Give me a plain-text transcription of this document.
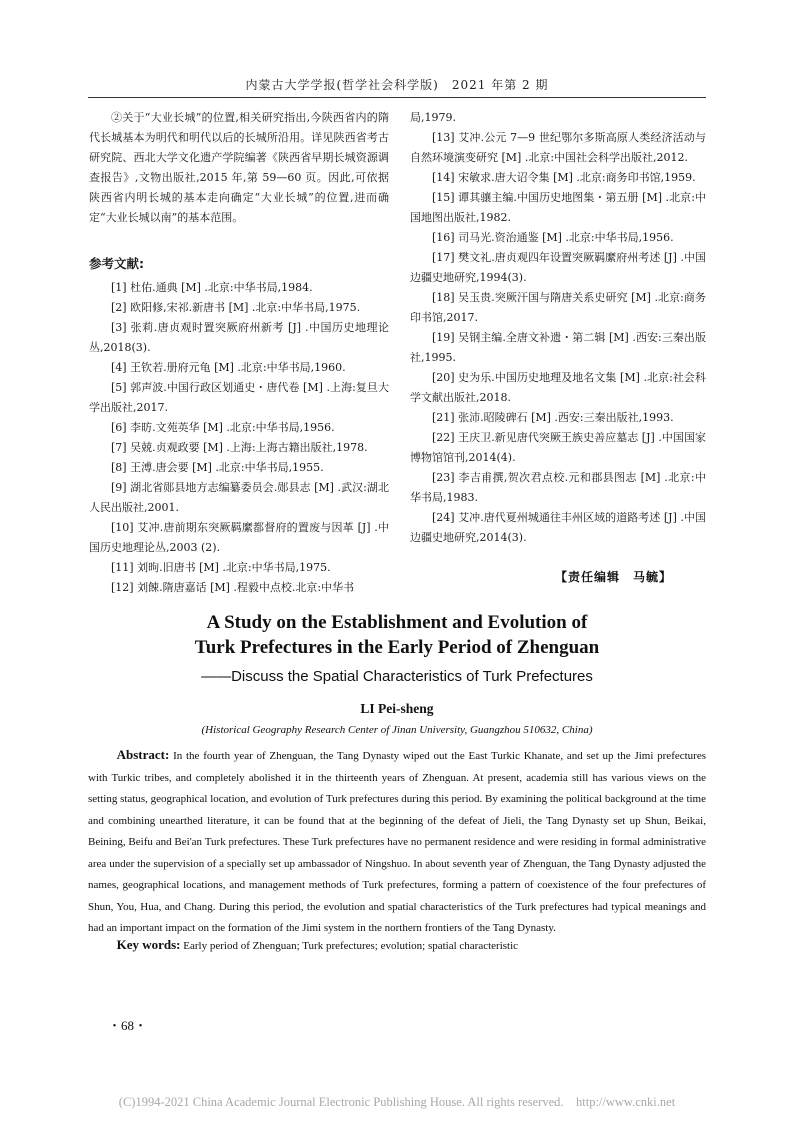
内蒙古大学学报(哲学社会科学版)　2021 年第 2 期

②关于“大业长城”的位置,相关研究指出,今陕西省内的隋代长城基本为明代和明代以后的长城所沿用。详见陕西省考古研究院、西北大学文化遗产学院编著《陕西省早期长城资源调查报告》,文物出版社,2015 年,第 59—60 页。因此,可依据陕西省内明长城的基本走向确定“大业长城”的位置,进而确定“大业长城以南”的基本范围。

参考文献:

[1] 杜佑.通典 [M] .北京:中华书局,1984.

[2] 欧阳修,宋祁.新唐书 [M] .北京:中华书局,1975.

[3] 张莉.唐贞观时置突厥府州新考 [J] .中国历史地理论丛,2018(3).

[4] 王钦若.册府元龟 [M] .北京:中华书局,1960.

[5] 郭声波.中国行政区划通史・唐代卷 [M] .上海:复旦大学出版社,2017.

[6] 李昉.文苑英华 [M] .北京:中华书局,1956.

[7] 吴兢.贞观政要 [M] .上海:上海古籍出版社,1978.

[8] 王溥.唐会要 [M] .北京:中华书局,1955.

[9] 湖北省郧县地方志编纂委员会.郧县志 [M] .武汉:湖北人民出版社,2001.

[10] 艾冲.唐前期东突厥羁縻都督府的置废与因革 [J] .中国历史地理论丛,2003 (2).

[11] 刘昫.旧唐书 [M] .北京:中华书局,1975.

[12] 刘餗.隋唐嘉话 [M] .程毅中点校.北京:中华书

局,1979.

[13] 艾冲.公元 7—9 世纪鄂尔多斯高原人类经济活动与自然环境演变研究 [M] .北京:中国社会科学出版社,2012.

[14] 宋敏求.唐大诏令集 [M] .北京:商务印书馆,1959.

[15] 谭其骧主编.中国历史地图集・第五册 [M] .北京:中国地图出版社,1982.

[16] 司马光.资治通鉴 [M] .北京:中华书局,1956.

[17] 樊文礼.唐贞观四年设置突厥羁縻府州考述 [J] .中国边疆史地研究,1994(3).

[18] 吴玉贵.突厥汗国与隋唐关系史研究 [M] .北京:商务印书馆,2017.

[19] 吴钢主编.全唐文补遗・第二辑 [M] .西安:三秦出版社,1995.

[20] 史为乐.中国历史地理及地名文集 [M] .北京:社会科学文献出版社,2018.

[21] 张沛.昭陵碑石 [M] .西安:三秦出版社,1993.

[22] 王庆卫.新见唐代突厥王族史善应墓志 [J] .中国国家博物馆馆刊,2014(4).

[23] 李吉甫撰,贺次君点校.元和郡县图志 [M] .北京:中华书局,1983.

[24] 艾冲.唐代夏州城通往丰州区域的道路考述 [J] .中国边疆史地研究,2014(3).

【责任编辑　马毓】
A Study on the Establishment and Evolution of
Turk Prefectures in the Early Period of Zhenguan
——Discuss the Spatial Characteristics of Turk Prefectures
LI Pei-sheng
(Historical Geography Research Center of Jinan University, Guangzhou 510632, China)

Abstract: In the fourth year of Zhenguan, the Tang Dynasty wiped out the East Turkic Khanate, and set up the Jimi prefectures with Turkic tribes, and completely abolished it in the thirteenth years of Zhenguan. At present, academia still has various views on the setting status, geographical location, and evolution of Turk prefectures during this period. By examining the political background at the time and combining unearthed literature, it can be found that at the beginning of the defeat of Jieli, the Tang Dynasty set up Shun, Beikai, Beining, Beifu and Bei'an Turk prefectures. These Turk prefectures have no permanent residence and were residing in formal administrative area under the supervision of a specially set up ambassador of Ningshuo. In about seventh year of Zhenguan, the Tang Dynasty adjusted the names, geographical locations, and management methods of Turk prefectures, forming a pattern of coexistence of the four prefectures of Shun, You, Hua, and Chang. During this period, the evolution and spatial characteristics of the Turk prefectures had typical meanings and had an important impact on the formation of the Jimi system in the northern frontiers of the Tang Dynasty.

Key words: Early period of Zhenguan; Turk prefectures; evolution; spatial characteristic

・68・
(C)1994-2021 China Academic Journal Electronic Publishing House. All rights reserved.　http://www.cnki.net
